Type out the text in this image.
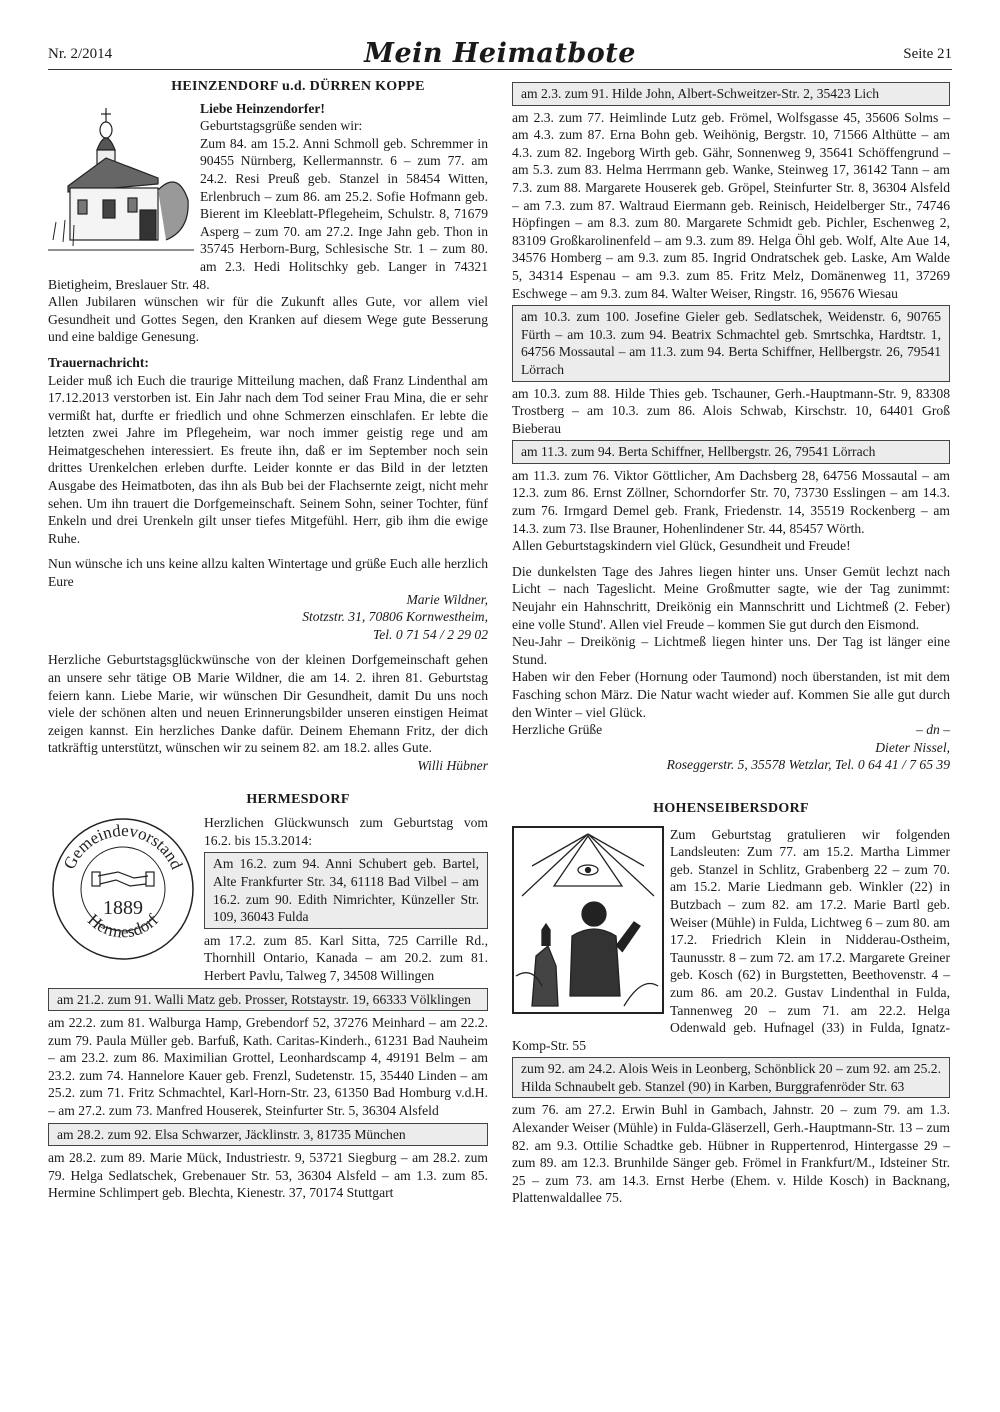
Nr. 2/2014	Mein Heimatbote	Seite 21

HEINZENDORF u.d. DÜRREN KOPPE

Liebe Heinzendorfer!

Geburtstagsgrüße senden wir:

Zum 84. am 15.2. Anni Schmoll geb. Schremmer in 90455 Nürnberg, Kellermannstr. 6 – zum 77. am 24.2. Resi Preuß geb. Stanzel in 58454 Witten, Erlenbruch – zum 86. am 25.2. Sofie Hofmann geb. Bierent im Kleeblatt-Pflegeheim, Schulstr. 8, 71679 Asperg – zum 70. am 27.2. Inge Jahn geb. Thon in 35745 Herborn-Burg, Schlesische Str. 1 – zum 80. am 2.3. Hedi Holitschky geb. Langer in 74321 Bietigheim, Breslauer Str. 48.

Allen Jubilaren wünschen wir für die Zukunft alles Gute, vor allem viel Gesundheit und Gottes Segen, den Kranken auf diesem Wege gute Besserung und eine baldige Genesung.

Trauernachricht:

Leider muß ich Euch die traurige Mitteilung machen, daß Franz Lindenthal am 17.12.2013 verstorben ist. Ein Jahr nach dem Tod seiner Frau Mina, die er sehr vermißt hat, durfte er friedlich und ohne Schmerzen einschlafen. Er lebte die letzten zwei Jahre im Pflegeheim, war noch immer geistig rege und am Heimatgeschehen interessiert. Es freute ihn, daß er im September noch sein drittes Urenkelchen erleben durfte. Leider konnte er das Bild in der letzten Ausgabe des Heimatboten, das ihn als Bub bei der Flachsernte zeigt, nicht mehr sehen. Um ihn trauert die Dorfgemeinschaft. Seinem Sohn, seiner Tochter, fünf Enkeln und drei Urenkeln gilt unser tiefes Mitgefühl. Herr, gib ihm die ewige Ruhe.

Nun wünsche ich uns keine allzu kalten Wintertage und grüße Euch alle herzlich Eure

Marie Wildner,

Stotzstr. 31, 70806 Kornwestheim,

Tel. 0 71 54 / 2 29 02

Herzliche Geburtstagsglückwünsche von der kleinen Dorfgemeinschaft gehen an unsere sehr tätige OB Marie Wildner, die am 14. 2. ihren 81. Geburtstag feiern kann. Liebe Marie, wir wünschen Dir Gesundheit, damit Du uns noch viele der schönen alten und neuen Erinnerungsbilder unseren einstigen Heimat zeigen kannst. Ein herzliches Danke dafür. Deinem Ehemann Fritz, der dich tatkräftig unterstützt, wünschen wir zu seinem 82. am 18.2. alles Gute.

Willi Hübner

HERMESDORF

Gemeindevorstand
Hermesdorf
1889

Herzlichen Glückwunsch zum Geburtstag vom 16.2. bis 15.3.2014:

Am 16.2. zum 94. Anni Schubert geb. Bartel, Alte Frankfurter Str. 34, 61118 Bad Vilbel – am 16.2. zum 90. Edith Nimrichter, Künzeller Str. 109, 36043 Fulda

am 17.2. zum 85. Karl Sitta, 725 Carrille Rd., Thornhill Ontario, Kanada – am 20.2. zum 81. Herbert Pavlu, Talweg 7, 34508 Willingen

am 21.2. zum 91. Walli Matz geb. Prosser, Rotstaystr. 19, 66333 Völklingen

am 22.2. zum 81. Walburga Hamp, Grebendorf 52, 37276 Meinhard – am 22.2. zum 79. Paula Müller geb. Barfuß, Kath. Caritas-Kinderh., 61231 Bad Nauheim – am 23.2. zum 86. Maximilian Grottel, Leonhardscamp 4, 49191 Belm – am 23.2. zum 74. Hannelore Kauer geb. Frenzl, Sudetenstr. 15, 35440 Linden – am 25.2. zum 71. Fritz Schmachtel, Karl-Horn-Str. 23, 61350 Bad Homburg v.d.H. – am 27.2. zum 73. Manfred Houserek, Steinfurter Str. 5, 36304 Alsfeld

am 28.2. zum 92. Elsa Schwarzer, Jäcklinstr. 3, 81735 München

am 28.2. zum 89. Marie Mück, Industriestr. 9, 53721 Siegburg – am 28.2. zum 79. Helga Sedlatschek, Grebenauer Str. 53, 36304 Alsfeld – am 1.3. zum 85. Hermine Schlimpert geb. Blechta, Kienestr. 37, 70174 Stuttgart

am 2.3. zum 91. Hilde John, Albert-Schweitzer-Str. 2, 35423 Lich

am 2.3. zum 77. Heimlinde Lutz geb. Frömel, Wolfsgasse 45, 35606 Solms – am 4.3. zum 87. Erna Bohn geb. Weihönig, Bergstr. 10, 71566 Althütte – am 4.3. zum 82. Ingeborg Wirth geb. Gähr, Sonnenweg 9, 35641 Schöffengrund – am 5.3. zum 83. Helma Herrmann geb. Wanke, Steinweg 17, 36142 Tann – am 7.3. zum 88. Margarete Houserek geb. Gröpel, Steinfurter Str. 8, 36304 Alsfeld – am 7.3. zum 87. Waltraud Eiermann geb. Reinisch, Heidelberger Str., 74746 Höpfingen – am 8.3. zum 80. Margarete Schmidt geb. Pichler, Eschenweg 2, 83109 Großkarolinenfeld – am 9.3. zum 89. Helga Öhl geb. Wolf, Alte Aue 14, 34576 Homberg – am 9.3. zum 85. Ingrid Ondratschek geb. Laske, Am Walde 5, 34314 Espenau – am 9.3. zum 85. Fritz Melz, Domänenweg 11, 37269 Eschwege – am 9.3. zum 84. Walter Weiser, Ringstr. 16, 95676 Wiesau

am 10.3. zum 100. Josefine Gieler geb. Sedlatschek, Weidenstr. 6, 90765 Fürth – am 10.3. zum 94. Beatrix Schmachtel geb. Smrtschka, Hardtstr. 1, 64756 Mossautal – am 11.3. zum 94. Berta Schiffner, Hellbergstr. 26, 79541 Lörrach

am 10.3. zum 88. Hilde Thies geb. Tschauner, Gerh.-Hauptmann-Str. 9, 83308 Trostberg – am 10.3. zum 86. Alois Schwab, Kirschstr. 10, 64401 Groß Bieberau

am 11.3. zum 94. Berta Schiffner, Hellbergstr. 26, 79541 Lörrach

am 11.3. zum 76. Viktor Göttlicher, Am Dachsberg 28, 64756 Mossautal – am 12.3. zum 86. Ernst Zöllner, Schorndorfer Str. 70, 73730 Esslingen – am 14.3. zum 76. Irmgard Demel geb. Frank, Friedenstr. 14, 35519 Rockenberg – am 14.3. zum 73. Ilse Brauner, Hohenlindener Str. 44, 85457 Wörth.

Allen Geburtstagskindern viel Glück, Gesundheit und Freude!

Die dunkelsten Tage des Jahres liegen hinter uns. Unser Gemüt lechzt nach Licht – nach Tageslicht. Meine Großmutter sagte, wie der Tag zunimmt: Neujahr ein Hahnschritt, Dreikönig ein Mannschritt und Lichtmeß (2. Feber) eine volle Stund'. Allen viel Freude – kommen Sie gut durch den Eismond.

Neu-Jahr – Dreikönig – Lichtmeß liegen hinter uns. Der Tag ist länger eine Stund.

Haben wir den Feber (Hornung oder Taumond) noch überstanden, ist mit dem Fasching schon März. Die Natur wacht wieder auf. Kommen Sie alle gut durch den Winter – viel Glück.

Herzliche Grüße	– dn –

Dieter Nissel,

Roseggerstr. 5, 35578 Wetzlar, Tel. 0 64 41 / 7 65 39

HOHENSEIBERSDORF

Zum Geburtstag gratulieren wir folgenden Landsleuten: Zum 77. am 15.2. Martha Limmer geb. Stanzel in Schlitz, Grabenberg 22 – zum 70. am 15.2. Marie Liedmann geb. Winkler (22) in Butzbach – zum 82. am 17.2. Marie Bartl geb. Weiser (Mühle) in Fulda, Lichtweg 6 – zum 80. am 17.2. Friedrich Klein in Nidderau-Ostheim, Taunusstr. 8 – zum 72. am 17.2. Margarete Greiner geb. Kosch (62) in Burgstetten, Beethovenstr. 4 – zum 86. am 20.2. Gustav Lindenthal in Fulda, Tannenweg 20 – zum 71. am 22.2. Helga Odenwald geb. Hufnagel (33) in Fulda, Ignatz-Komp-Str. 55

zum 92. am 24.2. Alois Weis in Leonberg, Schönblick 20 – zum 92. am 25.2. Hilda Schnaubelt geb. Stanzel (90) in Karben, Burggrafenröder Str. 63

zum 76. am 27.2. Erwin Buhl in Gambach, Jahnstr. 20 – zum 79. am 1.3. Alexander Weiser (Mühle) in Fulda-Gläserzell, Gerh.-Hauptmann-Str. 13 – zum 82. am 9.3. Ottilie Schadtke geb. Hübner in Ruppertenrod, Hintergasse 29 – zum 89. am 12.3. Brunhilde Sänger geb. Frömel in Frankfurt/M., Idsteiner Str. 25 – zum 73. am 14.3. Ernst Herbe (Ehem. v. Hilde Kosch) in Backnang, Plattenwaldallee 75.
